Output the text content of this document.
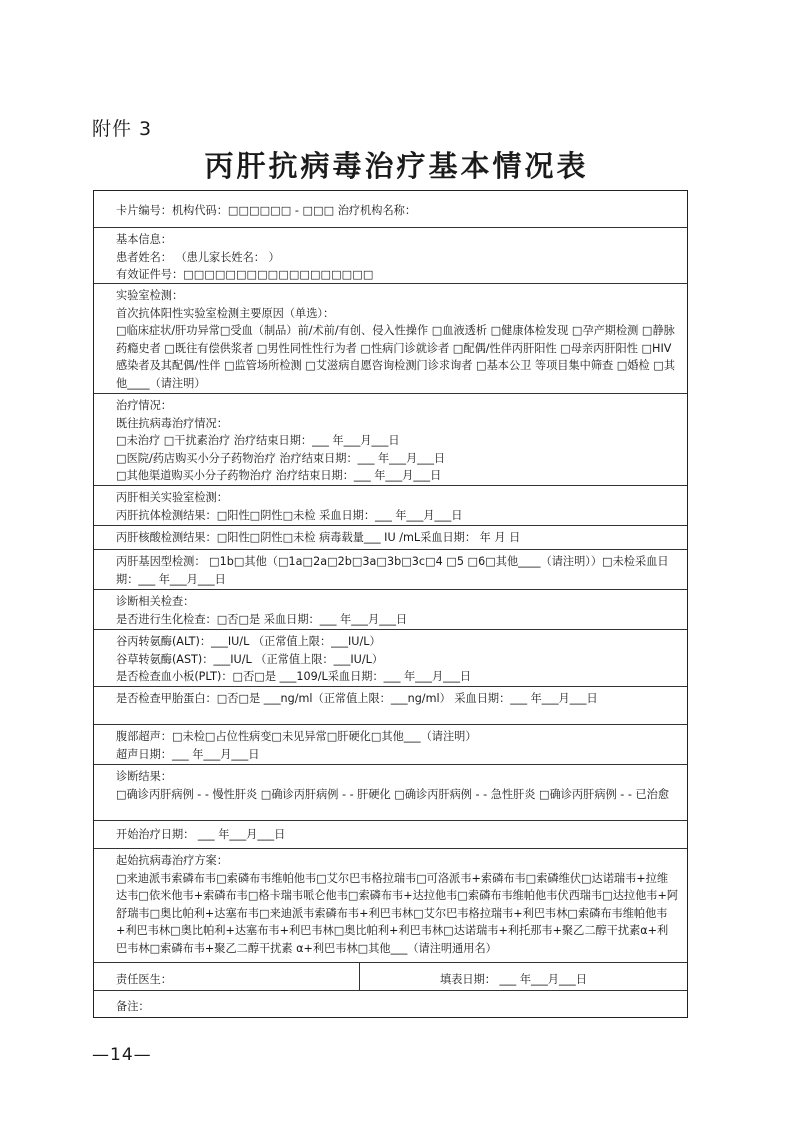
附件 3
丙肝抗病毒治疗基本情况表
卡片编号：机构代码：□□□□□□ - □□□ 治疗机构名称：
基本信息：
患者姓名： （患儿家长姓名： ）
有效证件号：□□□□□□□□□□□□□□□□□□
实验室检测：
首次抗体阳性实验室检测主要原因（单选）：
□临床症状/肝功异常□受血（制品）前/术前/有创、侵入性操作 □血液透析 □健康体检发现 □孕产期检测 □静脉药瘾史者 □既往有偿供浆者 □男性同性性行为者 □性病门诊就诊者 □配偶/性伴丙肝阳性 □母亲丙肝阳性 □HIV 感染者及其配偶/性伴 □监管场所检测 □艾滋病自愿咨询检测门诊求询者 □基本公卫 等项目集中筛查 □婚检 □其他____（请注明）
治疗情况：
既往抗病毒治疗情况：
□未治疗 □干扰素治疗 治疗结束日期：___ 年___月___日
□医院/药店购买小分子药物治疗 治疗结束日期：___ 年___月___日
□其他渠道购买小分子药物治疗 治疗结束日期：___ 年___月___日
丙肝相关实验室检测：
丙肝抗体检测结果：□阳性□阴性□未检 采血日期：___ 年___月___日
丙肝核酸检测结果：□阳性□阴性□未检 病毒载量___ IU /mL采血日期： 年 月 日
丙肝基因型检测： □1b□其他（□1a□2a□2b□3a□3b□3c□4 □5 □6□其他____（请注明））□未检采血日期：___ 年___月___日
诊断相关检查：
是否进行生化检查：□否□是 采血日期：___ 年___月___日
谷丙转氨酶(ALT)：___IU/L （正常值上限：___IU/L）
谷草转氨酶(AST)：___IU/L （正常值上限：___IU/L）
是否检查血小板(PLT)：□否□是 ___109/L采血日期：___ 年___月___日
是否检查甲胎蛋白：□否□是 ___ng/ml（正常值上限：___ng/ml） 采血日期：___ 年___月___日
腹部超声：□未检□占位性病变□未见异常□肝硬化□其他___（请注明）
超声日期：___ 年___月___日
诊断结果：
□确诊丙肝病例 - - 慢性肝炎 □确诊丙肝病例 - - 肝硬化 □确诊丙肝病例 - - 急性肝炎 □确诊丙肝病例 - - 已治愈
开始治疗日期： ___ 年___月___日
起始抗病毒治疗方案：
□来迪派韦索磷布韦□索磷布韦维帕他韦□艾尔巴韦格拉瑞韦□可洛派韦+索磷布韦□索磷维伏□达诺瑞韦+拉维达韦□依米他韦+索磷布韦□格卡瑞韦哌仑他韦□索磷布韦+达拉他韦□索磷布韦维帕他韦伏西瑞韦□达拉他韦+阿舒瑞韦□奥比帕利+达塞布韦□来迪派韦索磷布韦+利巴韦林□艾尔巴韦格拉瑞韦+利巴韦林□索磷布韦维帕他韦+利巴韦林□奥比帕利+达塞布韦+利巴韦林□奥比帕利+利巴韦林□达诺瑞韦+利托那韦+聚乙二醇干扰素α+利巴韦林□索磷布韦+聚乙二醇干扰素 α+利巴韦林□其他___（请注明通用名）
责任医生：	填表日期： ___ 年___月___日
备注：
—14—
